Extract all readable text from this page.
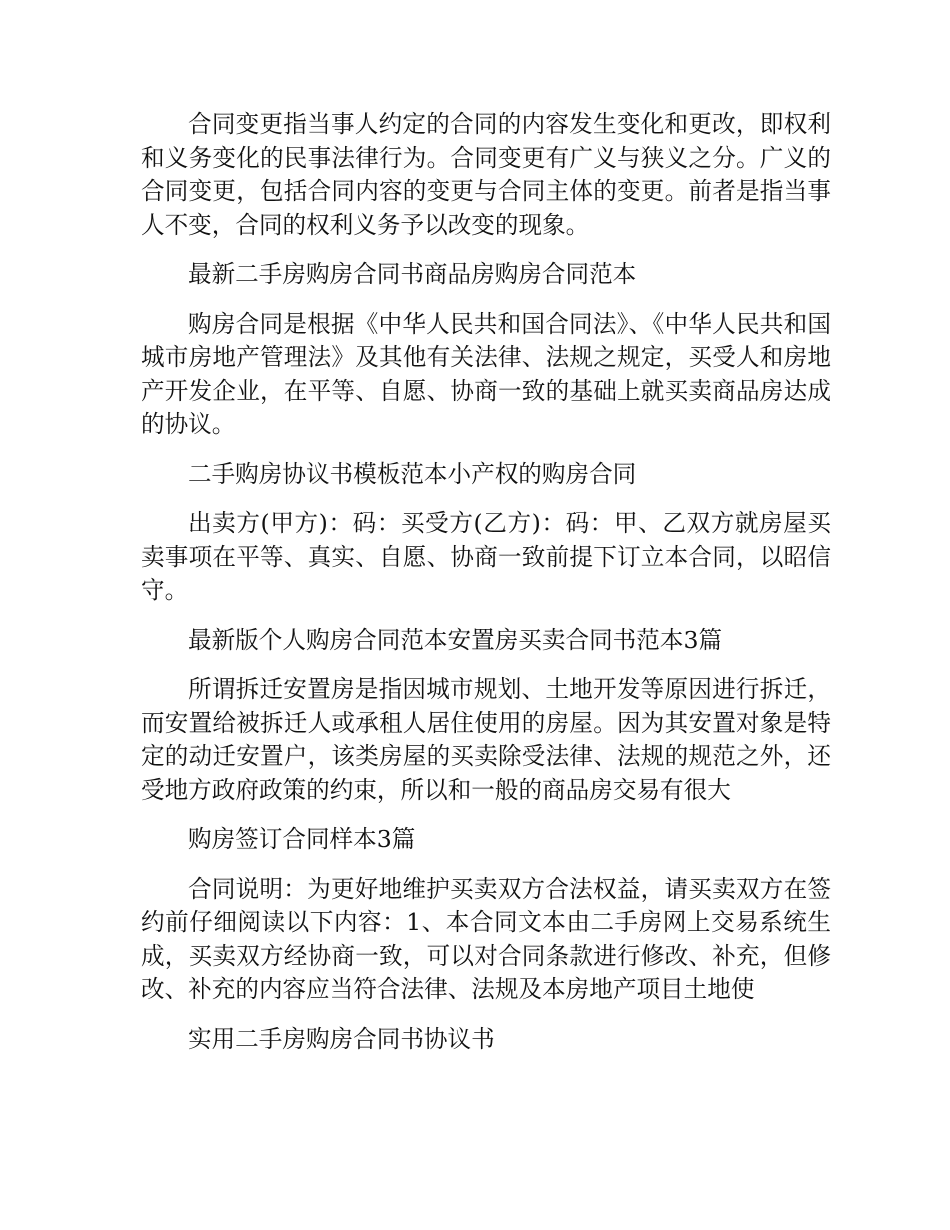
合同变更指当事人约定的合同的内容发生变化和更改，即权利和义务变化的民事法律行为。合同变更有广义与狭义之分。广义的合同变更，包括合同内容的变更与合同主体的变更。前者是指当事人不变，合同的权利义务予以改变的现象。

最新二手房购房合同书商品房购房合同范本

购房合同是根据《中华人民共和国合同法》、《中华人民共和国城市房地产管理法》及其他有关法律、法规之规定，买受人和房地产开发企业，在平等、自愿、协商一致的基础上就买卖商品房达成的协议。

二手购房协议书模板范本小产权的购房合同

出卖方(甲方)：码：买受方(乙方)：码：甲、乙双方就房屋买卖事项在平等、真实、自愿、协商一致前提下订立本合同，以昭信守。

最新版个人购房合同范本安置房买卖合同书范本3篇

所谓拆迁安置房是指因城市规划、土地开发等原因进行拆迁，而安置给被拆迁人或承租人居住使用的房屋。因为其安置对象是特定的动迁安置户，该类房屋的买卖除受法律、法规的规范之外，还受地方政府政策的约束，所以和一般的商品房交易有很大

购房签订合同样本3篇

合同说明：为更好地维护买卖双方合法权益，请买卖双方在签约前仔细阅读以下内容：1、本合同文本由二手房网上交易系统生成，买卖双方经协商一致，可以对合同条款进行修改、补充，但修改、补充的内容应当符合法律、法规及本房地产项目土地使

实用二手房购房合同书协议书
